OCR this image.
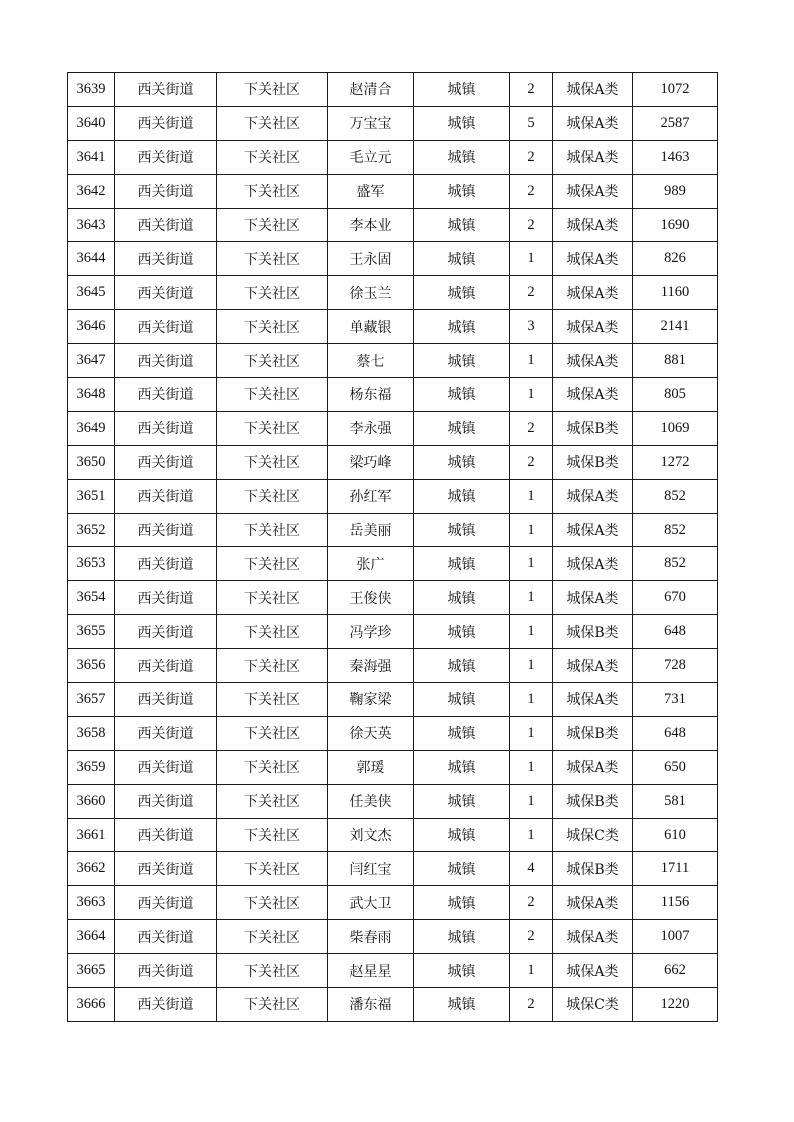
3639	西关街道	下关社区	赵清合	城镇	2	城保A类	1072
3640	西关街道	下关社区	万宝宝	城镇	5	城保A类	2587
3641	西关街道	下关社区	毛立元	城镇	2	城保A类	1463
3642	西关街道	下关社区	盛军	城镇	2	城保A类	989
3643	西关街道	下关社区	李本业	城镇	2	城保A类	1690
3644	西关街道	下关社区	王永固	城镇	1	城保A类	826
3645	西关街道	下关社区	徐玉兰	城镇	2	城保A类	1160
3646	西关街道	下关社区	单藏银	城镇	3	城保A类	2141
3647	西关街道	下关社区	蔡七	城镇	1	城保A类	881
3648	西关街道	下关社区	杨东福	城镇	1	城保A类	805
3649	西关街道	下关社区	李永强	城镇	2	城保B类	1069
3650	西关街道	下关社区	梁巧峰	城镇	2	城保B类	1272
3651	西关街道	下关社区	孙红军	城镇	1	城保A类	852
3652	西关街道	下关社区	岳美丽	城镇	1	城保A类	852
3653	西关街道	下关社区	张广	城镇	1	城保A类	852
3654	西关街道	下关社区	王俊侠	城镇	1	城保A类	670
3655	西关街道	下关社区	冯学珍	城镇	1	城保B类	648
3656	西关街道	下关社区	秦海强	城镇	1	城保A类	728
3657	西关街道	下关社区	鞠家梁	城镇	1	城保A类	731
3658	西关街道	下关社区	徐天英	城镇	1	城保B类	648
3659	西关街道	下关社区	郭瑗	城镇	1	城保A类	650
3660	西关街道	下关社区	任美侠	城镇	1	城保B类	581
3661	西关街道	下关社区	刘文杰	城镇	1	城保C类	610
3662	西关街道	下关社区	闫红宝	城镇	4	城保B类	1711
3663	西关街道	下关社区	武大卫	城镇	2	城保A类	1156
3664	西关街道	下关社区	柴春雨	城镇	2	城保A类	1007
3665	西关街道	下关社区	赵星星	城镇	1	城保A类	662
3666	西关街道	下关社区	潘东福	城镇	2	城保C类	1220
